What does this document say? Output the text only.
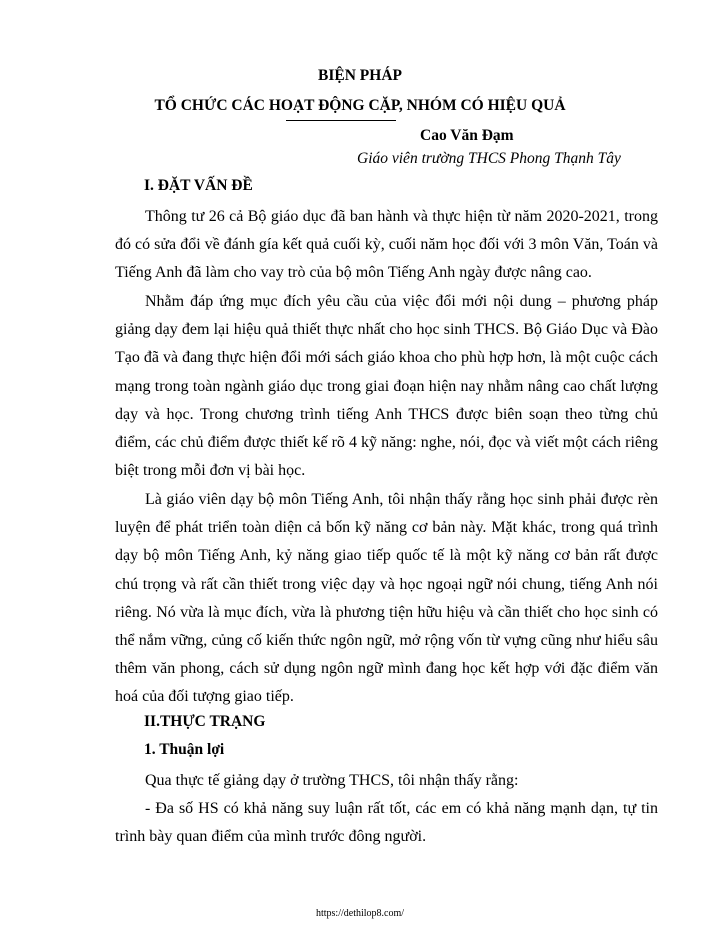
BIỆN PHÁP
TỔ CHỨC CÁC HOẠT ĐỘNG CẶP, NHÓM CÓ HIỆU QUẢ
Cao Văn Đạm
Giáo viên trường THCS Phong Thạnh Tây
I. ĐẶT VẤN ĐỀ

Thông tư 26 cả Bộ giáo dục đã ban hành và thực hiện từ năm 2020-2021, trong đó có sửa đổi về đánh gía kết quả cuối kỳ, cuối năm học đối với 3 môn Văn, Toán và Tiếng Anh đã làm cho vay trò của bộ môn Tiếng Anh ngày được nâng cao.

Nhằm đáp ứng mục đích yêu cầu của việc đổi mới nội dung – phương pháp giảng dạy đem lại hiệu quả thiết thực nhất cho học sinh THCS. Bộ Giáo Dục và Đào Tạo đã và đang thực hiện đổi mới sách giáo khoa cho phù hợp hơn, là một cuộc cách mạng trong toàn ngành giáo dục trong giai đoạn hiện nay nhằm nâng cao chất lượng dạy và học. Trong chương trình tiếng Anh THCS được biên soạn theo từng chủ điểm, các chủ điểm được thiết kế rõ 4 kỹ năng: nghe, nói, đọc và viết một cách riêng biệt trong mỗi đơn vị bài học.

Là giáo viên dạy bộ môn Tiếng Anh, tôi nhận thấy rằng học sinh phải được rèn luyện để phát triển toàn diện cả bốn kỹ năng cơ bản này. Mặt khác, trong quá trình dạy bộ môn Tiếng Anh, kỷ năng giao tiếp quốc tế là một kỹ năng cơ bản rất được chú trọng và rất cần thiết trong việc dạy và học ngoại ngữ nói chung, tiếng Anh nói riêng. Nó vừa là mục đích, vừa là phương tiện hữu hiệu và cần thiết cho học sinh có thể nắm vững, củng cố kiến thức ngôn ngữ, mở rộng vốn từ vựng cũng như hiểu sâu thêm văn phong, cách sử dụng ngôn ngữ mình đang học kết hợp với đặc điểm văn hoá của đối tượng giao tiếp.

II.THỰC TRẠNG
1. Thuận lợi

Qua thực tế giảng dạy ở trường THCS, tôi nhận thấy rằng:

- Đa số HS có khả năng suy luận rất tốt, các em có khả năng mạnh dạn, tự tin trình bày quan điểm của mình trước đông người.

https://dethilop8.com/
